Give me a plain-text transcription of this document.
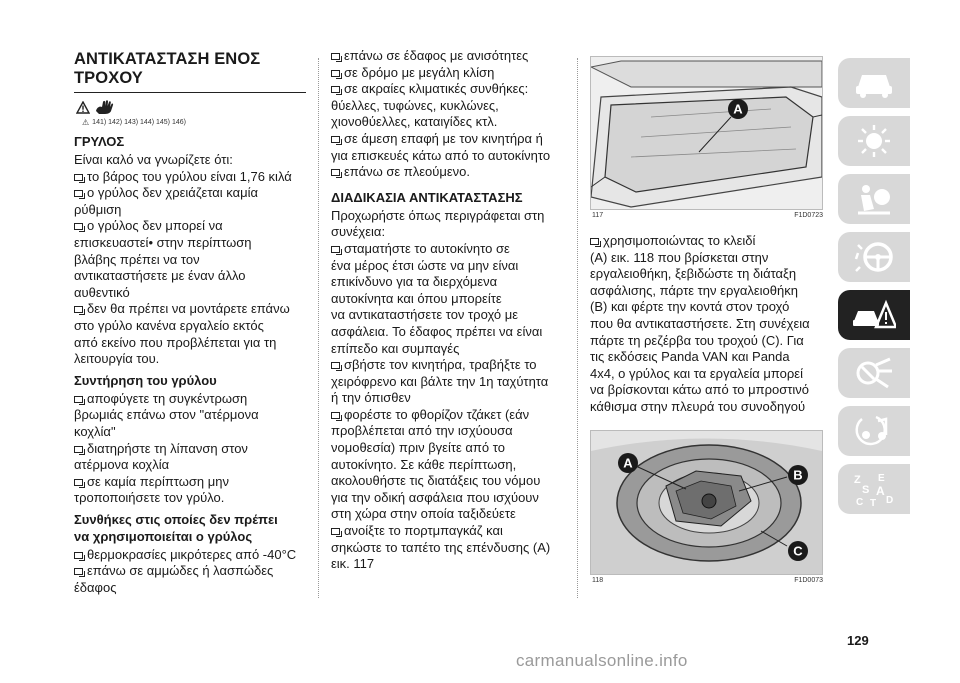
ΑΝΤΙΚΑΤΑΣΤΑΣΗ ΕΝΟΣ
ΤΡΟΧΟΥ
⚠ 141) 142) 143) 144) 145) 146)
ΓΡΥΛΟΣ

Είναι καλό να γνωρίζετε ότι:

το βάρος του γρύλου είναι 1,76 κιλά
ο γρύλος δεν χρειάζεται καμία
ρύθμιση
ο γρύλος δεν μπορεί να
επισκευαστεί• στην περίπτωση
βλάβης πρέπει να τον
αντικαταστήσετε με έναν άλλο
αυθεντικό
δεν θα πρέπει να μοντάρετε επάνω
στο γρύλο κανένα εργαλείο εκτός
από εκείνο που προβλέπεται για τη
λειτουργία του.
Συντήρηση του γρύλου
αποφύγετε τη συγκέντρωση
βρωμιάς επάνω στον "ατέρμονα
κοχλία"
διατηρήστε τη λίπανση στον
ατέρμονα κοχλία
σε καμία περίπτωση μην
τροποποιήσετε τον γρύλο.
Συνθήκες στις οποίες δεν πρέπει
να χρησιμοποιείται ο γρύλος
θερμοκρασίες μικρότερες από -40°C
επάνω σε αμμώδες ή λασπώδες
έδαφος
επάνω σε έδαφος με ανισότητες
σε δρόμο με μεγάλη κλίση
σε ακραίες κλιματικές συνθήκες:
θύελλες, τυφώνες, κυκλώνες,
χιονοθύελλες, καταιγίδες κτλ.
σε άμεση επαφή με τον κινητήρα ή
για επισκευές κάτω από το αυτοκίνητο
επάνω σε πλεούμενο.
ΔΙΑΔΙΚΑΣΙΑ ΑΝΤΙΚΑΤΑΣΤΑΣΗΣ

Προχωρήστε όπως περιγράφεται στη
συνέχεια:

σταματήστε το αυτοκίνητο σε
ένα μέρος έτσι ώστε να μην είναι
επικίνδυνο για τα διερχόμενα
αυτοκίνητα και όπου μπορείτε
να αντικαταστήσετε τον τροχό με
ασφάλεια. Το έδαφος πρέπει να είναι
επίπεδο και συμπαγές
σβήστε τον κινητήρα, τραβήξτε το
χειρόφρενο και βάλτε την 1η ταχύτητα
ή την όπισθεν
φορέστε το φθορίζον τζάκετ (εάν
προβλέπεται από την ισχύουσα
νομοθεσία) πριν βγείτε από το
αυτοκίνητο. Σε κάθε περίπτωση,
ακολουθήστε τις διατάξεις του νόμου
για την οδική ασφάλεια που ισχύουν
στη χώρα στην οποία ταξιδεύετε
ανοίξτε το πορτμπαγκάζ και
σηκώστε το ταπέτο της επένδυσης (A)
εικ. 117
A
117	F1D0723
χρησιμοποιώντας το κλειδί

(A) εικ. 118 που βρίσκεται στην

εργαλειοθήκη, ξεβιδώστε τη διάταξη

ασφάλισης, πάρτε την εργαλειοθήκη

(B) και φέρτε την κοντά στον τροχό

που θα αντικαταστήσετε. Στη συνέχεια

πάρτε τη ρεζέρβα του τροχού (C). Για

τις εκδόσεις Panda VAN και Panda

4x4, ο γρύλος και τα εργαλεία μπορεί

να βρίσκονται κάτω από το μπροστινό

κάθισμα στην πλευρά του συνοδηγού

A
B
C
118	F1D0073
Z E
S A
C D
T
129
carmanualsonline.info
